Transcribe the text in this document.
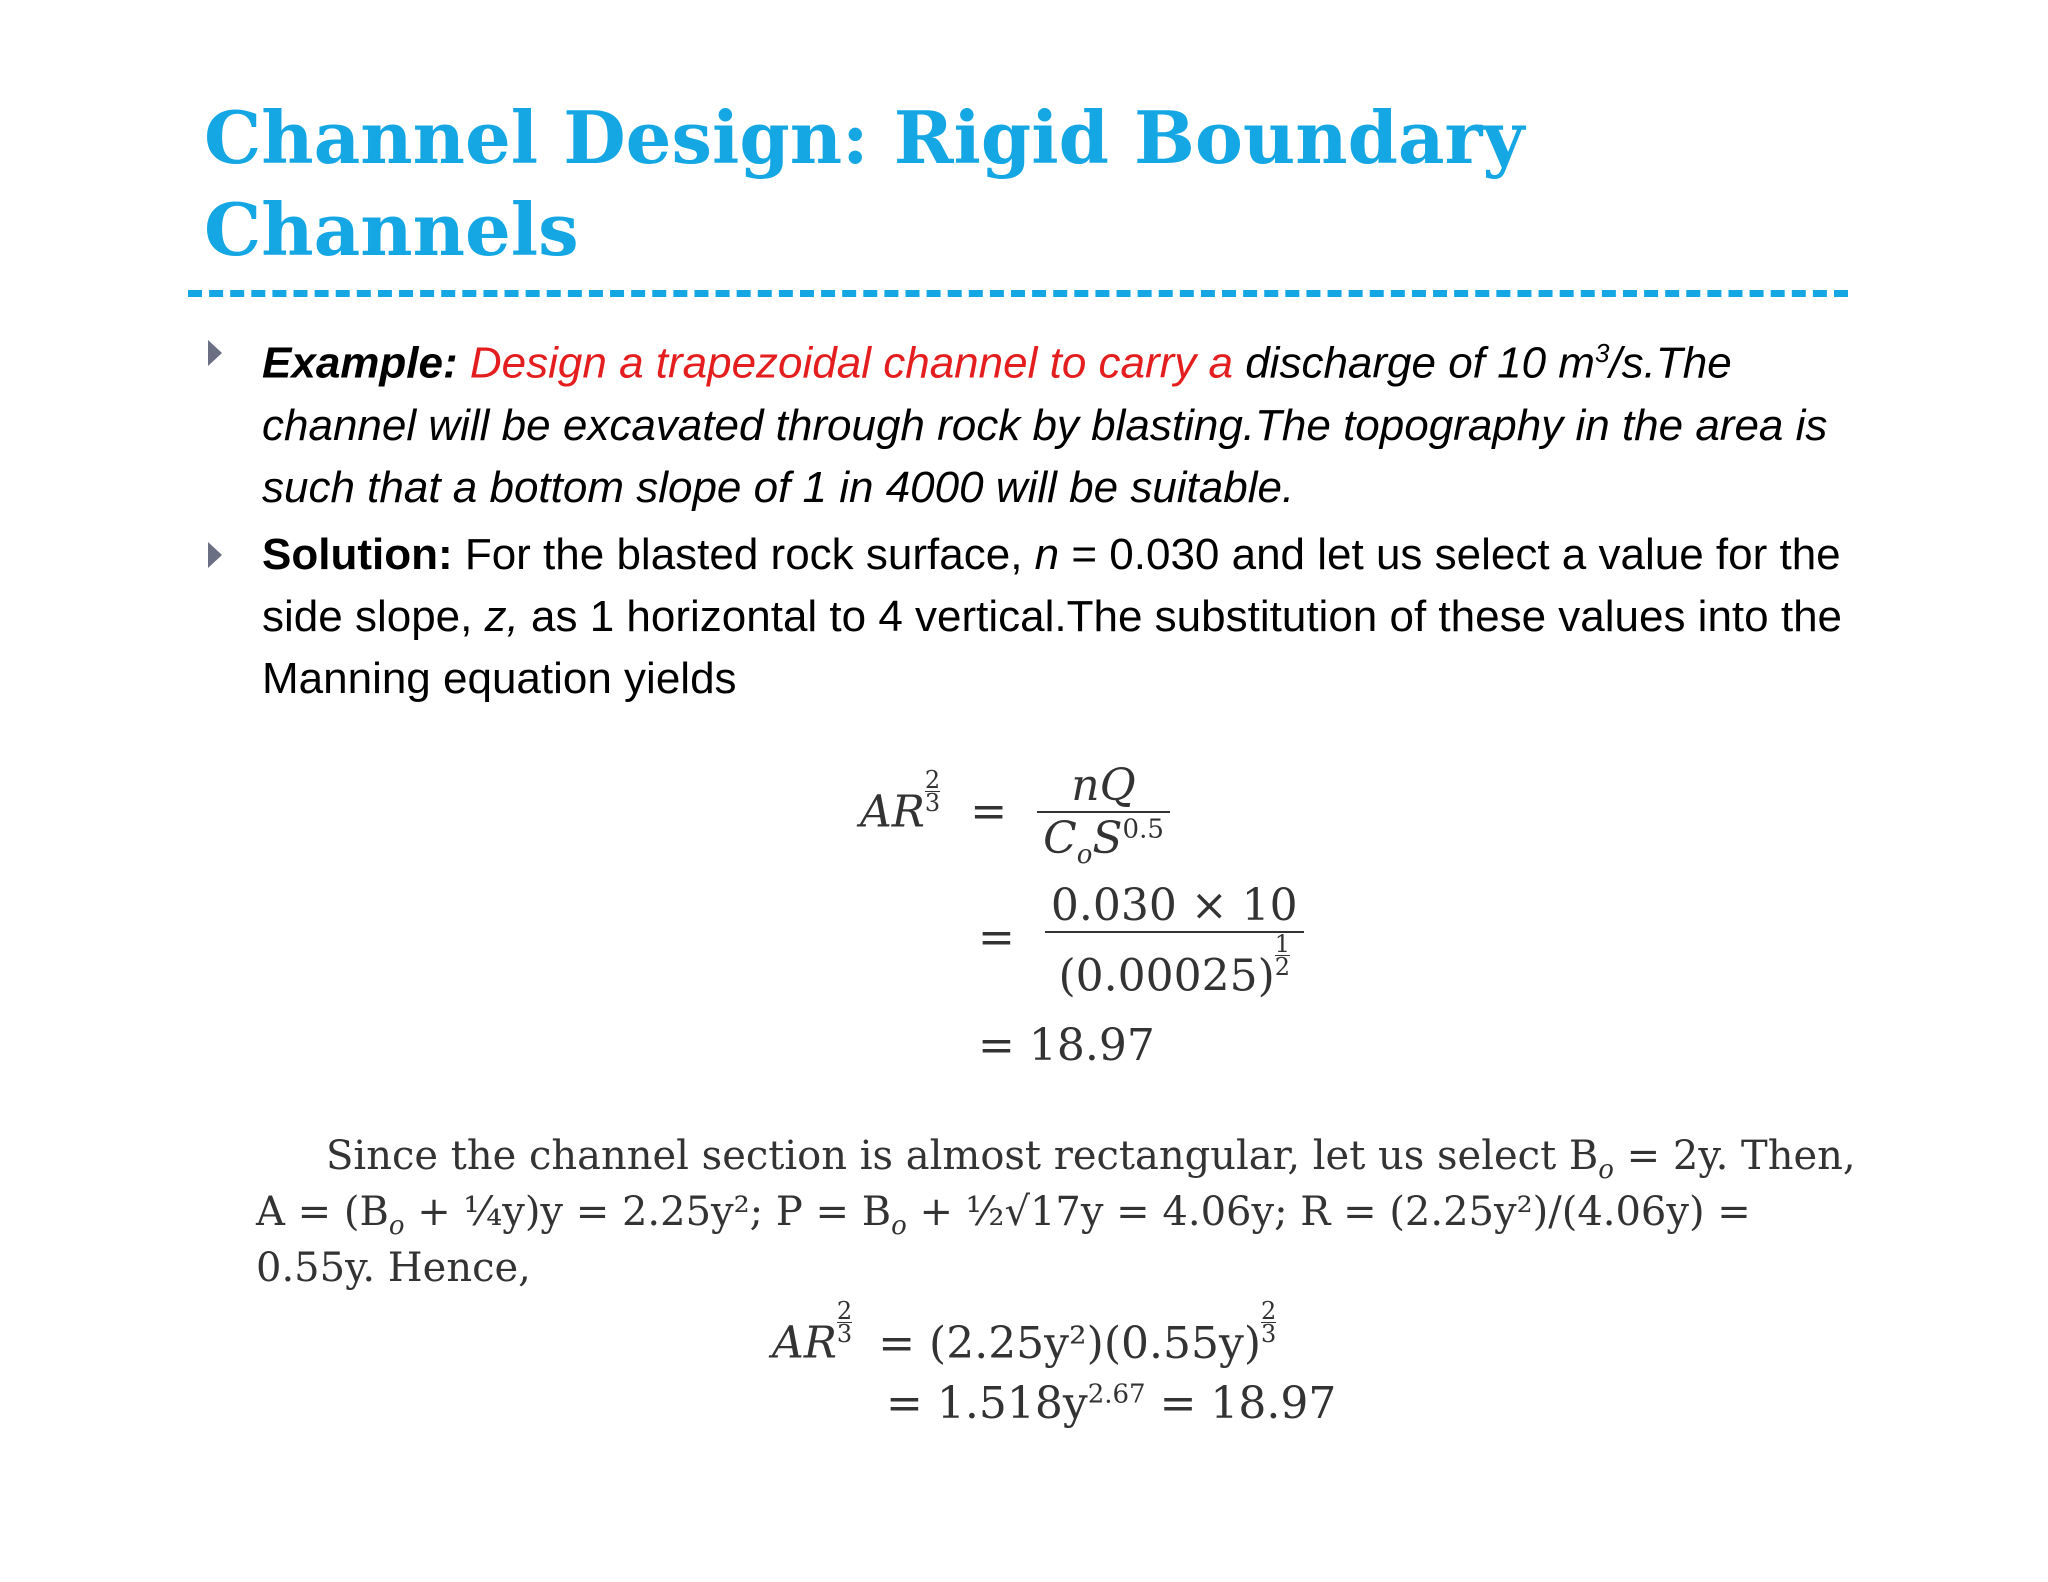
Channel Design: Rigid Boundary
Channels
Example: Design a trapezoidal channel to carry a discharge of 10 $m^3/s.The$ channel will be excavated through rock by blasting.The topography in the area is such that a bottom slope of 1 in 4000 will be suitable.
Solution: For the blasted rock surface, n = 0.030 and let us select a value for the side slope, z, as 1 horizontal to 4 vertical.The substitution of these values into the Manning equation yields
AR $\frac{2}{3} = \frac{nQ}{C_oS^{0.5}}$
= $\frac{0.030 \times 10}{(0.00025) \frac{1}{2}}$
= 18.97
Since the channel section is almost rectangular, let us select $B_o = 2y$. Then,
$A = (B_o$ + ¼y)y = 2.25y²; $P = B_o$ + ½√17y = 4.06y; R = (2.25y²)/(4.06y) =
0.55y. Hence,
AR $\frac{2}{3} = (2.25y^2)(0.55y) \frac{2}{3}$
= $1.518y^{2.67} = 18.97$
